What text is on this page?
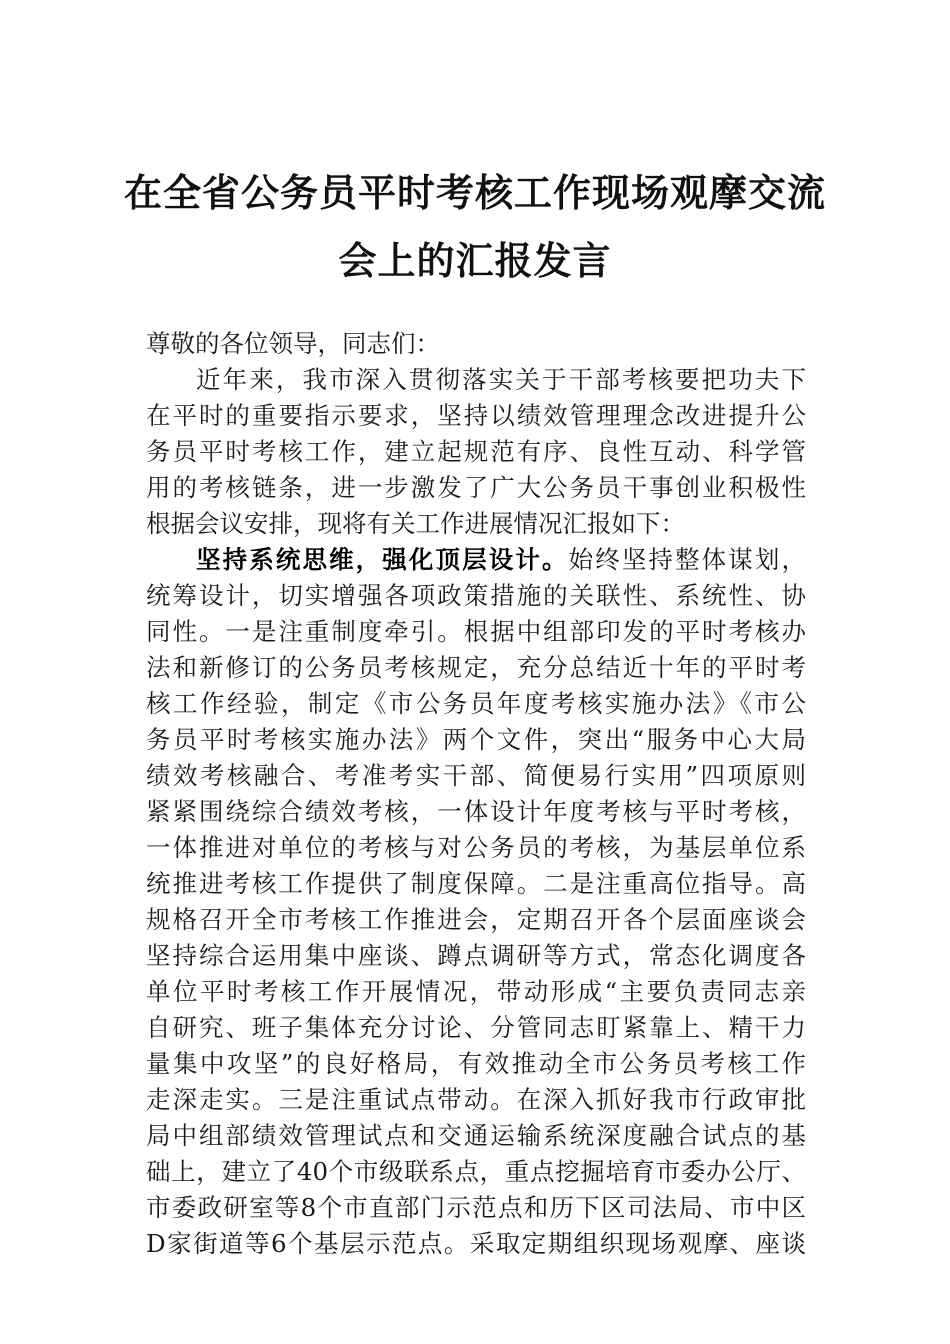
在全省公务员平时考核工作现场观摩交流
会上的汇报发言
尊敬的各位领导，同志们：
近年来，我市深入贯彻落实关于干部考核要把功夫下
在平时的重要指示要求，坚持以绩效管理理念改进提升公
务员平时考核工作，建立起规范有序、良性互动、科学管
用的考核链条，进一步激发了广大公务员干事创业积极性
根据会议安排，现将有关工作进展情况汇报如下：
坚持系统思维，强化顶层设计。始终坚持整体谋划，
统筹设计，切实增强各项政策措施的关联性、系统性、协
同性。一是注重制度牵引。根据中组部印发的平时考核办
法和新修订的公务员考核规定，充分总结近十年的平时考
核工作经验，制定《市公务员年度考核实施办法》《市公
务员平时考核实施办法》两个文件，突出“服务中心大局
绩效考核融合、考准考实干部、简便易行实用”四项原则
紧紧围绕综合绩效考核，一体设计年度考核与平时考核，
一体推进对单位的考核与对公务员的考核，为基层单位系
统推进考核工作提供了制度保障。二是注重高位指导。高
规格召开全市考核工作推进会，定期召开各个层面座谈会
坚持综合运用集中座谈、蹲点调研等方式，常态化调度各
单位平时考核工作开展情况，带动形成“主要负责同志亲
自研究、班子集体充分讨论、分管同志盯紧靠上、精干力
量集中攻坚”的良好格局，有效推动全市公务员考核工作
走深走实。三是注重试点带动。在深入抓好我市行政审批
局中组部绩效管理试点和交通运输系统深度融合试点的基
础上，建立了40个市级联系点，重点挖掘培育市委办公厅、
市委政研室等8个市直部门示范点和历下区司法局、市中区
D家街道等6个基层示范点。采取定期组织现场观摩、座谈
